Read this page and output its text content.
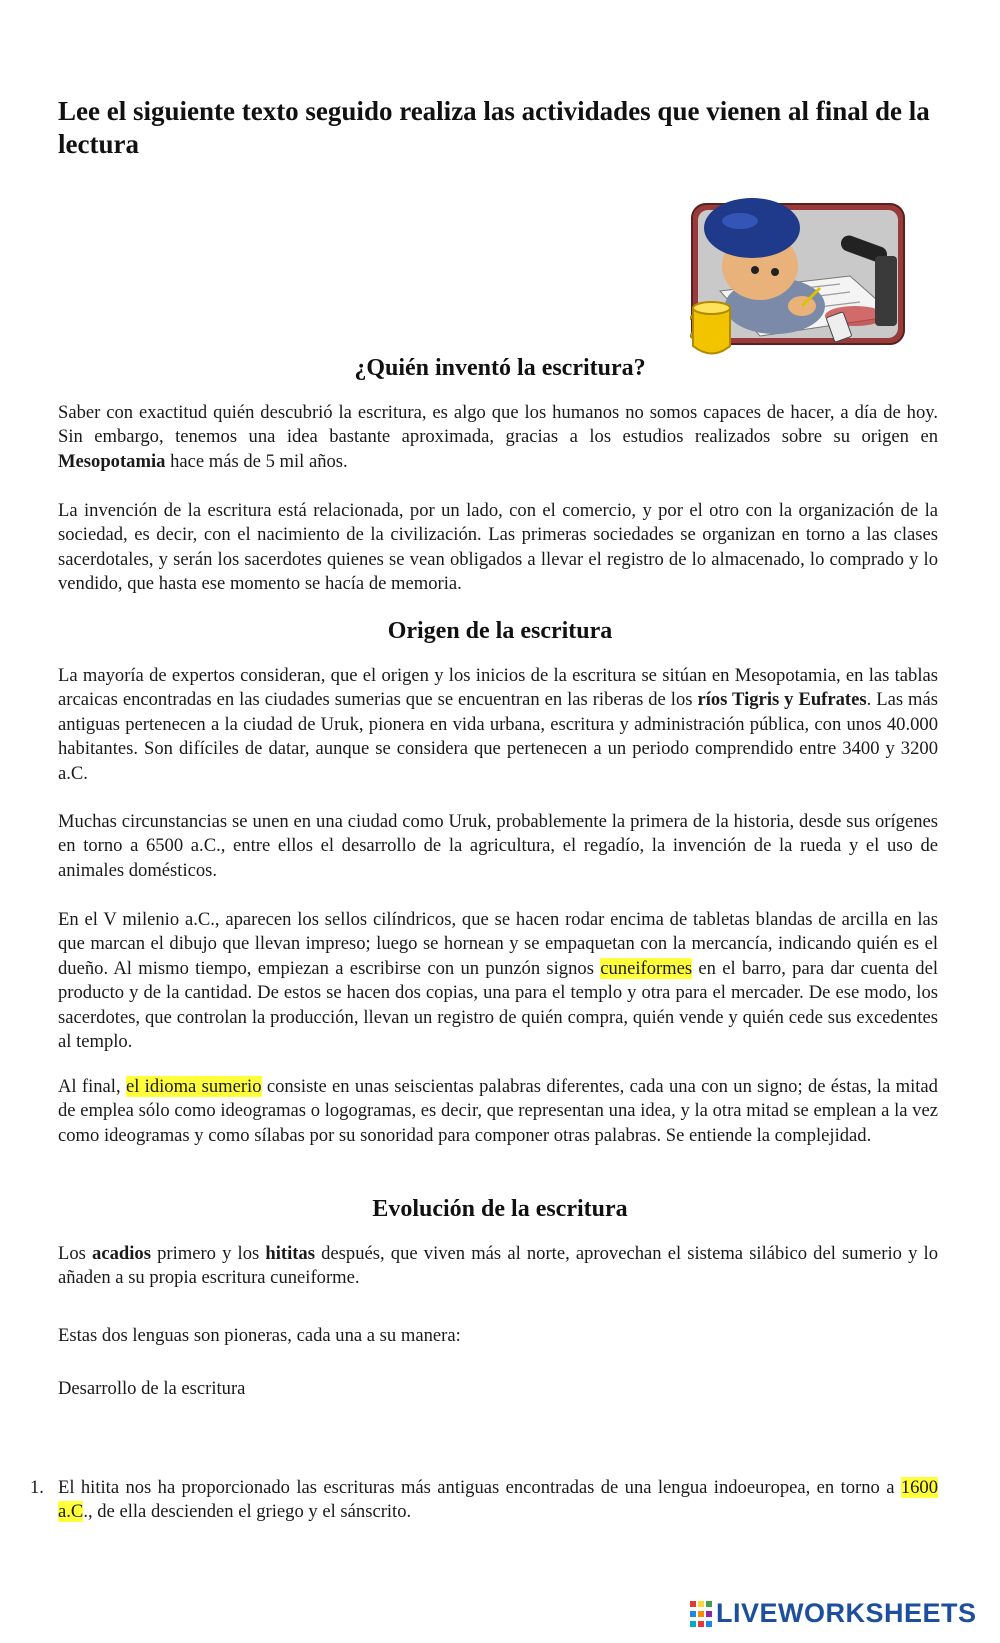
Lee el siguiente texto seguido realiza las actividades que vienen al final de la lectura
¿Quién inventó la escritura?

Saber con exactitud quién descubrió la escritura, es algo que los humanos no somos capaces de hacer, a día de hoy. Sin embargo, tenemos una idea bastante aproximada, gracias a los estudios realizados sobre su origen en Mesopotamia hace más de 5 mil años.

La invención de la escritura está relacionada, por un lado, con el comercio, y por el otro con la organización de la sociedad, es decir, con el nacimiento de la civilización. Las primeras sociedades se organizan en torno a las clases sacerdotales, y serán los sacerdotes quienes se vean obligados a llevar el registro de lo almacenado, lo comprado y lo vendido, que hasta ese momento se hacía de memoria.

Origen de la escritura

La mayoría de expertos consideran, que el origen y los inicios de la escritura se sitúan en Mesopotamia, en las tablas arcaicas encontradas en las ciudades sumerias que se encuentran en las riberas de los ríos Tigris y Eufrates. Las más antiguas pertenecen a la ciudad de Uruk, pionera en vida urbana, escritura y administración pública, con unos 40.000 habitantes. Son difíciles de datar, aunque se considera que pertenecen a un periodo comprendido entre 3400 y 3200 a.C.

Muchas circunstancias se unen en una ciudad como Uruk, probablemente la primera de la historia, desde sus orígenes en torno a 6500 a.C., entre ellos el desarrollo de la agricultura, el regadío, la invención de la rueda y el uso de animales domésticos.

En el V milenio a.C., aparecen los sellos cilíndricos, que se hacen rodar encima de tabletas blandas de arcilla en las que marcan el dibujo que llevan impreso; luego se hornean y se empaquetan con la mercancía, indicando quién es el dueño. Al mismo tiempo, empiezan a escribirse con un punzón signos cuneiformes en el barro, para dar cuenta del producto y de la cantidad. De estos se hacen dos copias, una para el templo y otra para el mercader. De ese modo, los sacerdotes, que controlan la producción, llevan un registro de quién compra, quién vende y quién cede sus excedentes al templo.

Al final, el idioma sumerio consiste en unas seiscientas palabras diferentes, cada una con un signo; de éstas, la mitad de emplea sólo como ideogramas o logogramas, es decir, que representan una idea, y la otra mitad se emplean a la vez como ideogramas y como sílabas por su sonoridad para componer otras palabras. Se entiende la complejidad.

Evolución de la escritura

Los acadios primero y los hititas después, que viven más al norte, aprovechan el sistema silábico del sumerio y lo añaden a su propia escritura cuneiforme.

Estas dos lenguas son pioneras, cada una a su manera:

Desarrollo de la escritura

1. El hitita nos ha proporcionado las escrituras más antiguas encontradas de una lengua indoeuropea, en torno a 1600 a.C., de ella descienden el griego y el sánscrito.

LIVEWORKSHEETS
